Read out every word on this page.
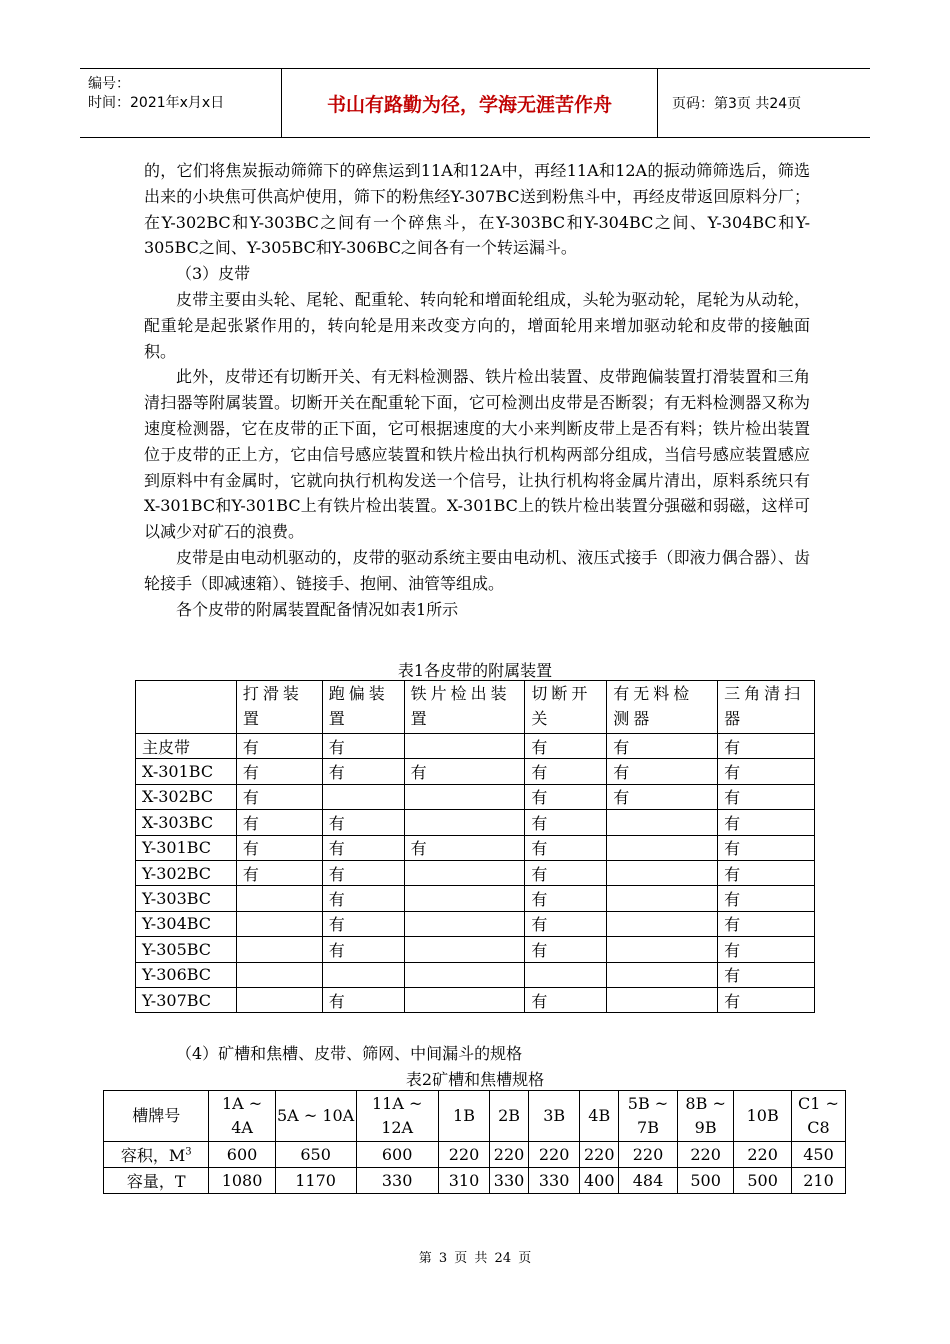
编号：
时间：2021年x月x日	书山有路勤为径，学海无涯苦作舟	页码：第3页 共24页

的，它们将焦炭振动筛筛下的碎焦运到11A和12A中，再经11A和12A的振动筛筛选后，筛选出来的小块焦可供高炉使用，筛下的粉焦经Y-307BC送到粉焦斗中，再经皮带返回原料分厂；在Y-302BC和Y-303BC之间有一个碎焦斗，在Y-303BC和Y-304BC之间、Y-304BC和Y-305BC之间、Y-305BC和Y-306BC之间各有一个转运漏斗。

（3）皮带

皮带主要由头轮、尾轮、配重轮、转向轮和增面轮组成，头轮为驱动轮，尾轮为从动轮，配重轮是起张紧作用的，转向轮是用来改变方向的，增面轮用来增加驱动轮和皮带的接触面积。

此外，皮带还有切断开关、有无料检测器、铁片检出装置、皮带跑偏装置打滑装置和三角清扫器等附属装置。切断开关在配重轮下面，它可检测出皮带是否断裂；有无料检测器又称为速度检测器，它在皮带的正下面，它可根据速度的大小来判断皮带上是否有料；铁片检出装置位于皮带的正上方，它由信号感应装置和铁片检出执行机构两部分组成，当信号感应装置感应到原料中有金属时，它就向执行机构发送一个信号，让执行机构将金属片清出，原料系统只有X-301BC和Y-301BC上有铁片检出装置。X-301BC上的铁片检出装置分强磁和弱磁，这样可以减少对矿石的浪费。

皮带是由电动机驱动的，皮带的驱动系统主要由电动机、液压式接手（即液力偶合器）、齿轮接手（即减速箱）、链接手、抱闸、油管等组成。

各个皮带的附属装置配备情况如表1所示

表1各皮带的附属装置
	打滑装置	跑偏装置	铁片检出装置	切断开关	有无料检测器	三角清扫器
主皮带	有	有		有	有	有
X-301BC	有	有	有	有	有	有
X-302BC	有			有	有	有
X-303BC	有	有		有		有
Y-301BC	有	有	有	有		有
Y-302BC	有	有		有		有
Y-303BC		有		有		有
Y-304BC		有		有		有
Y-305BC		有		有		有
Y-306BC						有
Y-307BC		有		有		有
（4）矿槽和焦槽、皮带、筛网、中间漏斗的规格
表2矿槽和焦槽规格
槽牌号	1A ~ 4A	5A ~ 10A	11A ~ 12A	1B	2B	3B	4B	5B ~ 7B	8B ~ 9B	10B	C1 ~ C8
容积，$M^3$	600	650	600	220	220	220	220	220	220	220	450
容量，T	1080	1170	330	310	330	330	400	484	500	500	210
第 3 页 共 24 页
